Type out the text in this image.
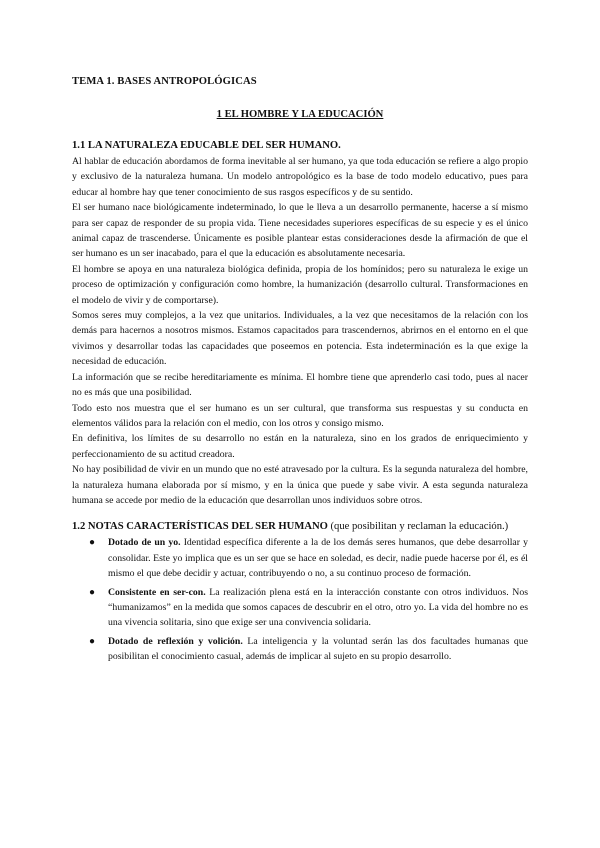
TEMA 1. BASES ANTROPOLÓGICAS
1 EL HOMBRE Y LA EDUCACIÓN
1.1 LA NATURALEZA EDUCABLE DEL SER HUMANO.

Al hablar de educación abordamos de forma inevitable al ser humano, ya que toda educación se refiere a algo propio y exclusivo de la naturaleza humana. Un modelo antropológico es la base de todo modelo educativo, pues para educar al hombre hay que tener conocimiento de sus rasgos específicos y de su sentido.

El ser humano nace biológicamente indeterminado, lo que le lleva a un desarrollo permanente, hacerse a sí mismo para ser capaz de responder de su propia vida. Tiene necesidades superiores específicas de su especie y es el único animal capaz de trascenderse. Únicamente es posible plantear estas consideraciones desde la afirmación de que el ser humano es un ser inacabado, para el que la educación es absolutamente necesaria.

El hombre se apoya en una naturaleza biológica definida, propia de los homínidos; pero su naturaleza le exige un proceso de optimización y configuración como hombre, la humanización (desarrollo cultural. Transformaciones en el modelo de vivir y de comportarse).

Somos seres muy complejos, a la vez que unitarios. Individuales, a la vez que necesitamos de la relación con los demás para hacernos a nosotros mismos. Estamos capacitados para trascendernos, abrirnos en el entorno en el que vivimos y desarrollar todas las capacidades que poseemos en potencia. Esta indeterminación es la que exige la necesidad de educación.

La información que se recibe hereditariamente es mínima. El hombre tiene que aprenderlo casi todo, pues al nacer no es más que una posibilidad.

Todo esto nos muestra que el ser humano es un ser cultural, que transforma sus respuestas y su conducta en elementos válidos para la relación con el medio, con los otros y consigo mismo.

En definitiva, los límites de su desarrollo no están en la naturaleza, sino en los grados de enriquecimiento y perfeccionamiento de su actitud creadora.

No hay posibilidad de vivir en un mundo que no esté atravesado por la cultura. Es la segunda naturaleza del hombre, la naturaleza humana elaborada por sí mismo, y en la única que puede y sabe vivir. A esta segunda naturaleza humana se accede por medio de la educación que desarrollan unos individuos sobre otros.

1.2 NOTAS CARACTERÍSTICAS DEL SER HUMANO (que posibilitan y reclaman la educación.)
● Dotado de un yo. Identidad específica diferente a la de los demás seres humanos, que debe desarrollar y consolidar. Este yo implica que es un ser que se hace en soledad, es decir, nadie puede hacerse por él, es él mismo el que debe decidir y actuar, contribuyendo o no, a su continuo proceso de formación.
● Consistente en ser-con. La realización plena está en la interacción constante con otros individuos. Nos “humanizamos” en la medida que somos capaces de descubrir en el otro, otro yo. La vida del hombre no es una vivencia solitaria, sino que exige ser una convivencia solidaria.
● Dotado de reflexión y volición. La inteligencia y la voluntad serán las dos facultades humanas que posibilitan el conocimiento casual, además de implicar al sujeto en su propio desarrollo.
